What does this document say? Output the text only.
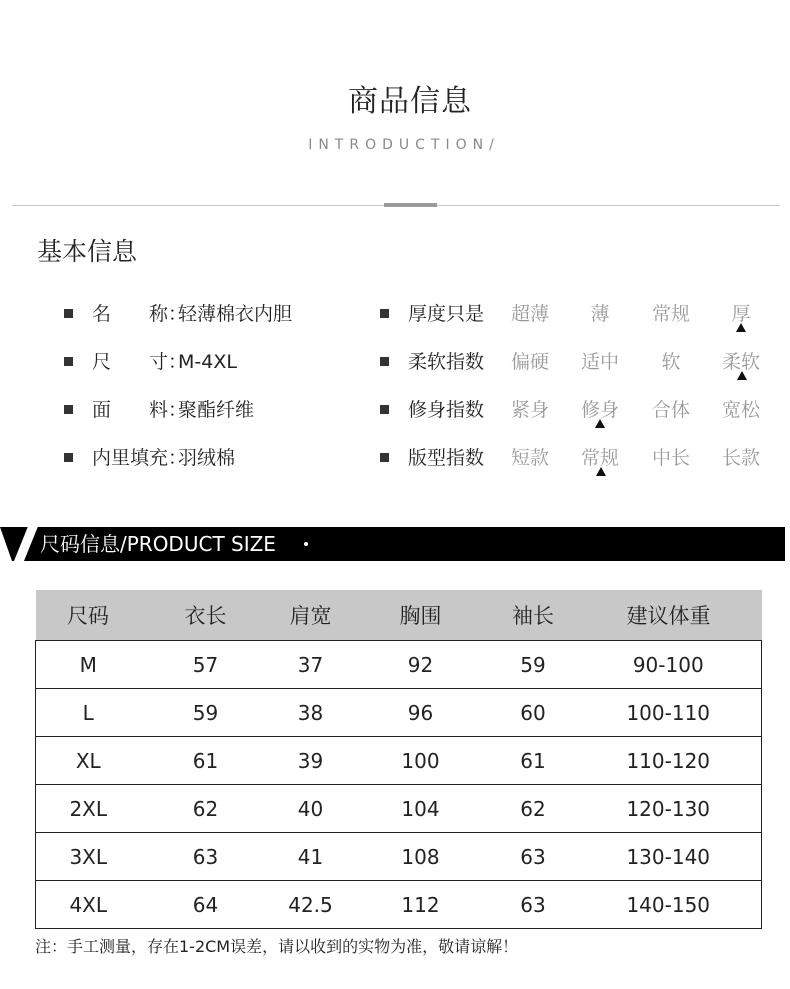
商品信息
INTRODUCTION/
基本信息
名　　称：
轻薄棉衣内胆
尺　　寸：
M-4XL
面　　料：
聚酯纤维
内里填充：
羽绒棉
厚度只是	超薄	薄	常规	厚
柔软指数	偏硬	适中	软	柔软
修身指数	紧身	修身	合体	宽松
版型指数	短款	常规	中长	长款
尺码信息/PRODUCT SIZE
尺码	衣长	肩宽	胸围	袖长	建议体重
M	57	37	92	59	90-100
L	59	38	96	60	100-110
XL	61	39	100	61	110-120
2XL	62	40	104	62	120-130
3XL	63	41	108	63	130-140
4XL	64	42.5	112	63	140-150
注：手工测量，存在1-2CM误差，请以收到的实物为准，敬请谅解！
